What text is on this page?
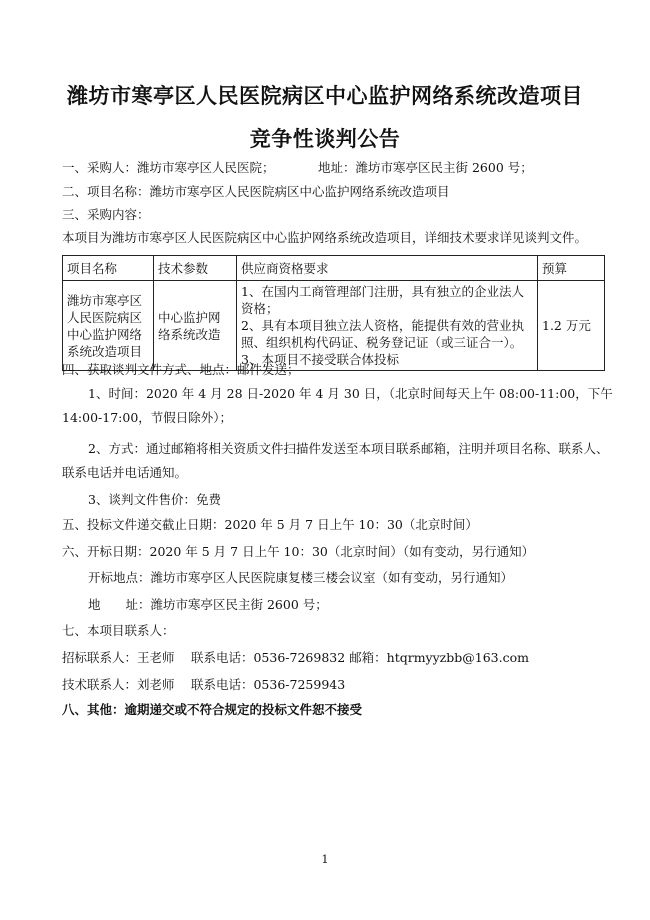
潍坊市寒亭区人民医院病区中心监护网络系统改造项目
竞争性谈判公告
一、采购人：潍坊市寒亭区人民医院；	地址：潍坊市寒亭区民主街 2600 号；
二、项目名称：潍坊市寒亭区人民医院病区中心监护网络系统改造项目
三、采购内容：
本项目为潍坊市寒亭区人民医院病区中心监护网络系统改造项目，详细技术要求详见谈判文件。
项目名称	技术参数	供应商资格要求	预算
潍坊市寒亭区人民医院病区中心监护网络系统改造项目	中心监护网络系统改造	1、在国内工商管理部门注册，具有独立的企业法人资格；
2、具有本项目独立法人资格，能提供有效的营业执照、组织机构代码证、税务登记证（或三证合一）。
3、本项目不接受联合体投标	1.2 万元
四、获取谈判文件方式、地点：邮件发送；
1、时间：2020 年 4 月 28 日-2020 年 4 月 30 日，（北京时间每天上午 08:00-11:00，下午
14:00-17:00，节假日除外）；
2、方式：通过邮箱将相关资质文件扫描件发送至本项目联系邮箱，注明并项目名称、联系人、
联系电话并电话通知。
3、谈判文件售价：免费
五、投标文件递交截止日期：2020 年 5 月 7 日上午 10：30（北京时间）
六、开标日期：2020 年 5 月 7 日上午 10：30（北京时间）（如有变动，另行通知）
开标地点：潍坊市寒亭区人民医院康复楼三楼会议室（如有变动，另行通知）
地　　址：潍坊市寒亭区民主街 2600 号；
七、本项目联系人：
招标联系人：王老师　 联系电话：0536-7269832 邮箱：htqrmyyzbb@163.com
技术联系人：刘老师　 联系电话：0536-7259943
八、其他：逾期递交或不符合规定的投标文件恕不接受
1
